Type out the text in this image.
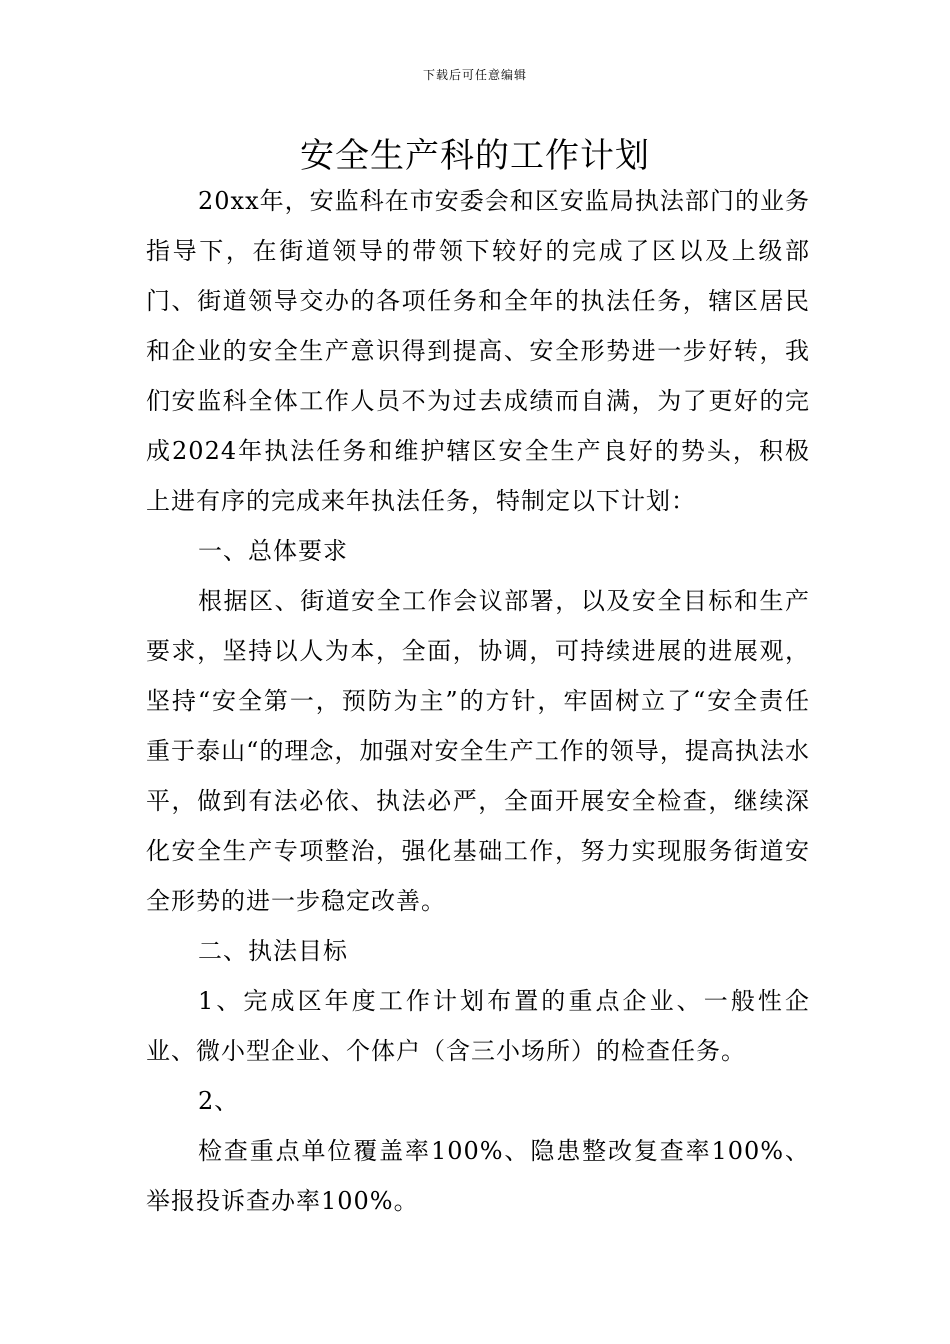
下载后可任意编辑
安全生产科的工作计划

20xx年，安监科在市安委会和区安监局执法部门的业务指导下，在街道领导的带领下较好的完成了区以及上级部门、街道领导交办的各项任务和全年的执法任务，辖区居民和企业的安全生产意识得到提高、安全形势进一步好转，我们安监科全体工作人员不为过去成绩而自满，为了更好的完成2024年执法任务和维护辖区安全生产良好的势头，积极上进有序的完成来年执法任务，特制定以下计划：

一、总体要求

根据区、街道安全工作会议部署，以及安全目标和生产要求，坚持以人为本，全面，协调，可持续进展的进展观，坚持“安全第一，预防为主”的方针，牢固树立了“安全责任重于泰山“的理念，加强对安全生产工作的领导，提高执法水平，做到有法必依、执法必严，全面开展安全检查，继续深化安全生产专项整治，强化基础工作，努力实现服务街道安全形势的进一步稳定改善。

二、执法目标

1、完成区年度工作计划布置的重点企业、一般性企业、微小型企业、个体户（含三小场所）的检查任务。

2、

检查重点单位覆盖率100%、隐患整改复查率100%、举报投诉查办率100%。
